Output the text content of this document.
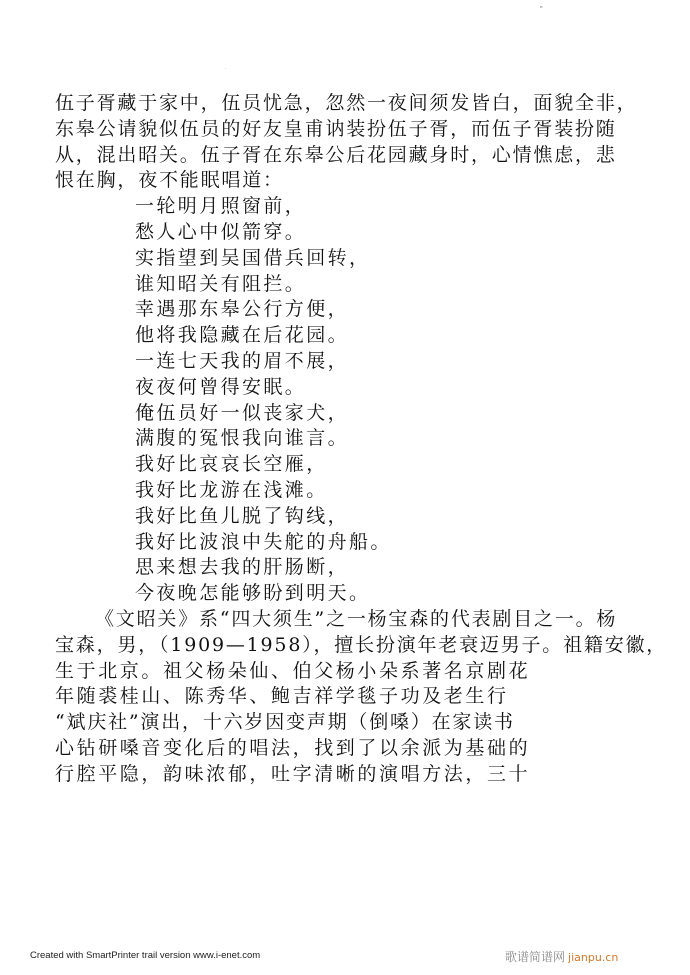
"
·
伍子胥藏于家中，伍员忧急，忽然一夜间须发皆白，面貌全非，
东皋公请貌似伍员的好友皇甫讷装扮伍子胥，而伍子胥装扮随
从，混出昭关。伍子胥在东皋公后花园藏身时，心情憔虑，悲
恨在胸，夜不能眠唱道：
一轮明月照窗前，
愁人心中似箭穿。
实指望到吴国借兵回转，
谁知昭关有阻拦。
幸遇那东皋公行方便，
他将我隐藏在后花园。
一连七天我的眉不展，
夜夜何曾得安眠。
俺伍员好一似丧家犬，
满腹的冤恨我向谁言。
我好比哀哀长空雁，
我好比龙游在浅滩。
我好比鱼儿脱了钩线，
我好比波浪中失舵的舟船。
思来想去我的肝肠断，
今夜晚怎能够盼到明天。
《文昭关》系“四大须生”之一杨宝森的代表剧目之一。杨
宝森，男，（1909—1958），擅长扮演年老衰迈男子。祖籍安徽，
生于北京。祖父杨朵仙、伯父杨小朵系著名京剧花
年随裘桂山、陈秀华、鲍吉祥学毯子功及老生行
“斌庆社”演出，十六岁因变声期（倒嗓）在家读书
心钻研嗓音变化后的唱法，找到了以余派为基础的
行腔平隐，韵味浓郁，吐字清晰的演唱方法，三十
Created with SmartPrinter trail version www.i-enet.com	歌谱简谱网 jianpu.cn
